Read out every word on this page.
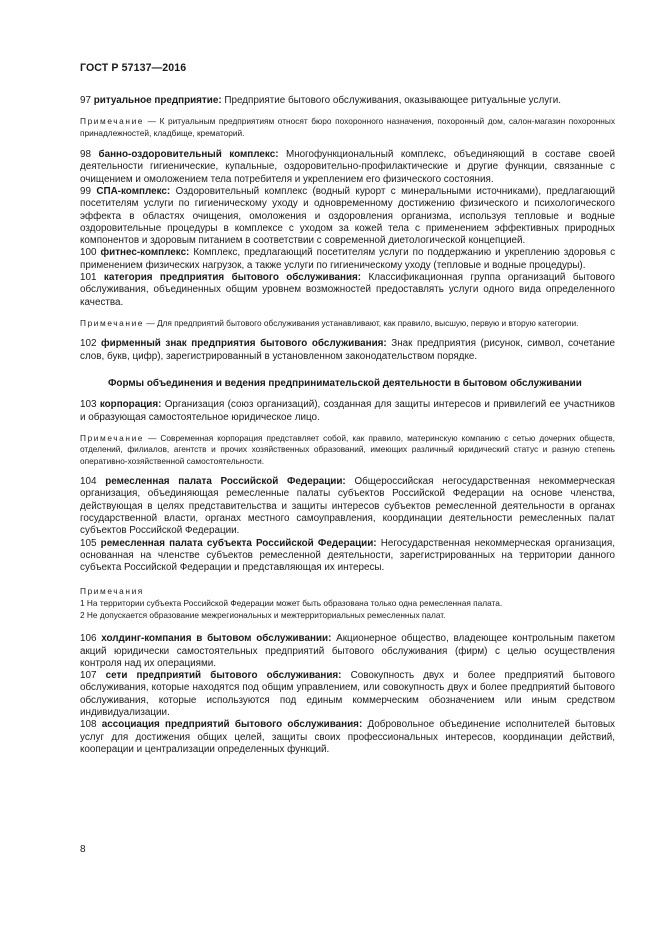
ГОСТ Р 57137—2016

97 ритуальное предприятие: Предприятие бытового обслуживания, оказывающее ритуальные услуги.

Примечание — К ритуальным предприятиям относят бюро похоронного назначения, похоронный дом, салон-магазин похоронных принадлежностей, кладбище, крематорий.

98 банно-оздоровительный комплекс: Многофункциональный комплекс, объединяющий в составе своей деятельности гигиенические, купальные, оздоровительно-профилактические и другие функции, связанные с очищением и омоложением тела потребителя и укреплением его физического состояния.

99 СПА-комплекс: Оздоровительный комплекс (водный курорт с минеральными источниками), предлагающий посетителям услуги по гигиеническому уходу и одновременному достижению физического и психологического эффекта в областях очищения, омоложения и оздоровления организма, используя тепловые и водные оздоровительные процедуры в комплексе с уходом за кожей тела с применением эффективных природных компонентов и здоровым питанием в соответствии с современной диетологической концепцией.

100 фитнес-комплекс: Комплекс, предлагающий посетителям услуги по поддержанию и укреплению здоровья с применением физических нагрузок, а также услуги по гигиеническому уходу (тепловые и водные процедуры).

101 категория предприятия бытового обслуживания: Классификационная группа организаций бытового обслуживания, объединенных общим уровнем возможностей предоставлять услуги одного вида определенного качества.

Примечание — Для предприятий бытового обслуживания устанавливают, как правило, высшую, первую и вторую категории.

102 фирменный знак предприятия бытового обслуживания: Знак предприятия (рисунок, символ, сочетание слов, букв, цифр), зарегистрированный в установленном законодательством порядке.

Формы объединения и ведения предпринимательской деятельности в бытовом обслуживании

103 корпорация: Организация (союз организаций), созданная для защиты интересов и привилегий ее участников и образующая самостоятельное юридическое лицо.

Примечание — Современная корпорация представляет собой, как правило, материнскую компанию с сетью дочерних обществ, отделений, филиалов, агентств и прочих хозяйственных образований, имеющих различный юридический статус и разную степень оперативно-хозяйственной самостоятельности.

104 ремесленная палата Российской Федерации: Общероссийская негосударственная некоммерческая организация, объединяющая ремесленные палаты субъектов Российской Федерации на основе членства, действующая в целях представительства и защиты интересов субъектов ремесленной деятельности в органах государственной власти, органах местного самоуправления, координации деятельности ремесленных палат субъектов Российской Федерации.

105 ремесленная палата субъекта Российской Федерации: Негосударственная некоммерческая организация, основанная на членстве субъектов ремесленной деятельности, зарегистрированных на территории данного субъекта Российской Федерации и представляющая их интересы.

Примечания

1 На территории субъекта Российской Федерации может быть образована только одна ремесленная палата.

2 Не допускается образование межрегиональных и межтерриториальных ремесленных палат.

106 холдинг-компания в бытовом обслуживании: Акционерное общество, владеющее контрольным пакетом акций юридически самостоятельных предприятий бытового обслуживания (фирм) с целью осуществления контроля над их операциями.

107 сети предприятий бытового обслуживания: Совокупность двух и более предприятий бытового обслуживания, которые находятся под общим управлением, или совокупность двух и более предприятий бытового обслуживания, которые используются под единым коммерческим обозначением или иным средством индивидуализации.

108 ассоциация предприятий бытового обслуживания: Добровольное объединение исполнителей бытовых услуг для достижения общих целей, защиты своих профессиональных интересов, координации действий, кооперации и централизации определенных функций.

8
